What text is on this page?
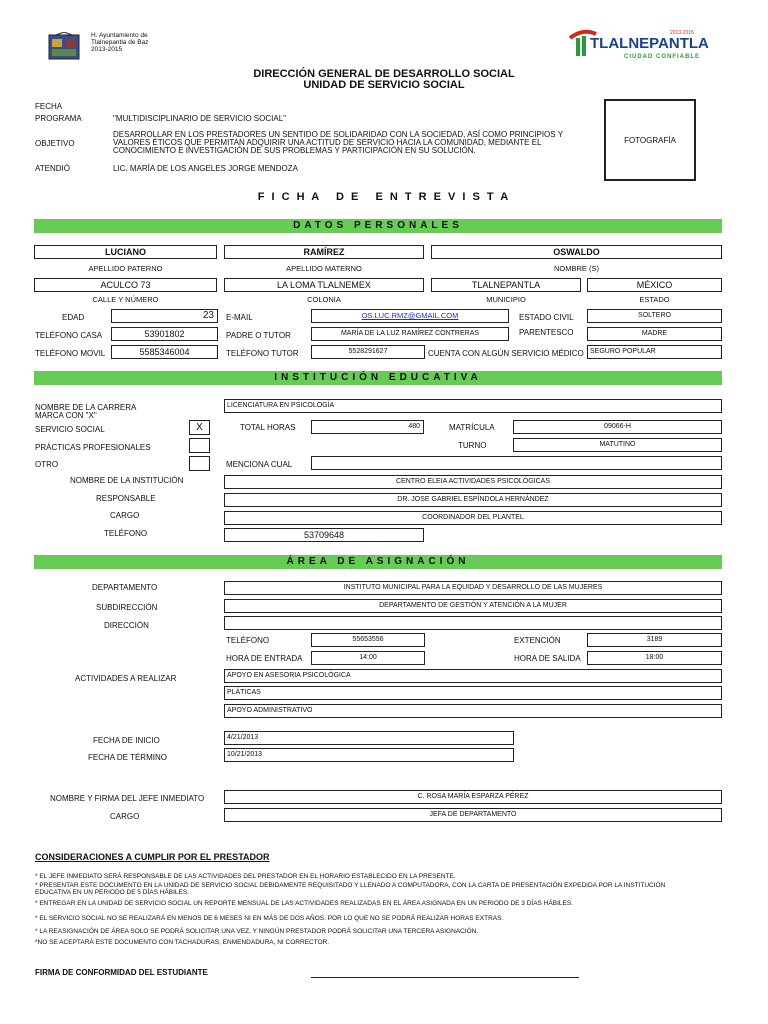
H. Ayuntamiento de
Tlalnepantla de Baz
2013-2015
2013-2015
TLALNEPANTLA
CIUDAD CONFIABLE
DIRECCIÓN GENERAL DE DESARROLLO SOCIAL
UNIDAD DE SERVICIO SOCIAL
FECHA
PROGRAMA	"MULTIDISCIPLINARIO DE SERVICIO SOCIAL"
OBJETIVO
DESARROLLAR EN LOS PRESTADORES UN SENTIDO DE SOLIDARIDAD CON LA SOCIEDAD, ASÍ COMO PRINCIPIOS Y
VALORES ÉTICOS QUE PERMITAN ADQUIRIR UNA ACTITUD DE SERVICIO HACIA LA COMUNIDAD, MEDIANTE EL
CONOCIMIENTO E INVESTIGACIÓN DE SUS PROBLEMAS Y PARTICIPACIÓN EN SU SOLUCIÓN.
ATENDIÓ	LIC. MARÍA DE LOS ANGELES JORGE MENDOZA
FOTOGRAFÍA
F I C H A   D E   E N T R E V I S T A
DATOS PERSONALES
LUCIANO	RAMÍREZ	OSWALDO
APELLIDO PATERNO	APELLIDO MATERNO	NOMBRE (S)
ACULCO 73	LA LOMA TLALNEMEX	TLALNEPANTLA	MÉXICO
CALLE Y NÚMERO	COLONIA	MUNICIPIO	ESTADO
EDAD	23	E-MAIL	OS.LUC.RMZ@GMAIL.COM	ESTADO CIVIL	SOLTERO
TELÉFONO CASA	53901802	PADRE O TUTOR	MARÍA DE LA LUZ RAMÍREZ CONTRERAS	PARENTESCO	MADRE
TELÉFONO MOVIL	5585346004	TELÉFONO TUTOR	5528291627	CUENTA CON ALGÚN SERVICIO MÉDICO SEGURO POPULAR
INSTITUCIÓN EDUCATIVA
NOMBRE DE LA CARRERA
MARCA CON "X"
LICENCIATURA EN PSICOLOGÍA
SERVICIO SOCIAL	X	TOTAL HORAS	480	MATRÍCULA	09066-H
PRÁCTICAS PROFESIONALES	TURNO	MATUTINO
OTRO	MENCIONA CUAL
NOMBRE DE LA INSTITUCIÓN	CENTRO ELEIA ACTIVIDADES PSICOLÓGICAS
RESPONSABLE	DR. JOSE GABRIEL ESPÍNDOLA HERNÁNDEZ
CARGO	COORDINADOR DEL PLANTEL
TELÉFONO	53709648
ÁREA DE ASIGNACIÓN
DEPARTAMENTO	INSTITUTO MUNICIPAL PARA LA EQUIDAD Y DESARROLLO DE LAS MUJERES
SUBDIRECCIÓN	DEPARTAMENTO DE GESTIÓN Y ATENCIÓN A LA MUJER
DIRECCIÓN
TELÉFONO	55653556	EXTENCIÓN	3189
HORA DE ENTRADA	14:00	HORA DE SALIDA	18:00
ACTIVIDADES A REALIZAR	APOYO EN ASESORIA PSICOLÓGICA
PLÁTICAS
APOYO ADMINISTRATIVO
FECHA DE INICIO	4/21/2013
FECHA DE TÉRMINO	10/21/2013
NOMBRE Y FIRMA DEL JEFE INMEDIATO	C. ROSA MARÍA ESPARZA PÉREZ
CARGO	JEFA DE DEPARTAMENTO
CONSIDERACIONES A CUMPLIR POR EL PRESTADOR
* EL JEFE INMEDIATO SERÁ RESPONSABLE DE LAS ACTIVIDADES DEL PRESTADOR EN EL HORARIO ESTABLECIDO EN LA PRESENTE.
* PRESENTAR ESTE DOCUMENTO EN LA UNIDAD DE SERVICIO SOCIAL DEBIDAMENTE REQUISITADO Y LLENADO A COMPUTADORA, CON LA CARTA DE PRESENTACIÓN EXPEDIDA POR LA INSTITUCIÓN
EDUCATIVA EN UN PERIODO DE 5 DÍAS HÁBILES.
* ENTREGAR EN LA UNIDAD DE SERVICIO SOCIAL UN REPORTE MENSUAL DE LAS ACTIVIDADES REALIZADAS EN EL ÁREA ASIGNADA EN UN PERIODO DE 3 DÍAS HÁBILES.
* EL SERVICIO SOCIAL NO SE REALIZARÁ EN MENOS DE 6 MESES NI EN MÁS DE DOS AÑOS. POR LO QUE NO SE PODRÁ REALIZAR HORAS EXTRAS.
* LA REASIGNACIÓN DE ÁREA SOLO SE PODRÁ SOLICITAR UNA VEZ, Y NINGÚN PRESTADOR PODRÁ SOLICITAR UNA TERCERA ASIGNACIÓN.
*NO SE ACEPTARÁ ESTE DOCUMENTO CON TACHADURAS, ENMENDADURA, NI CORRECTOR.
FIRMA DE CONFORMIDAD DEL ESTUDIANTE
